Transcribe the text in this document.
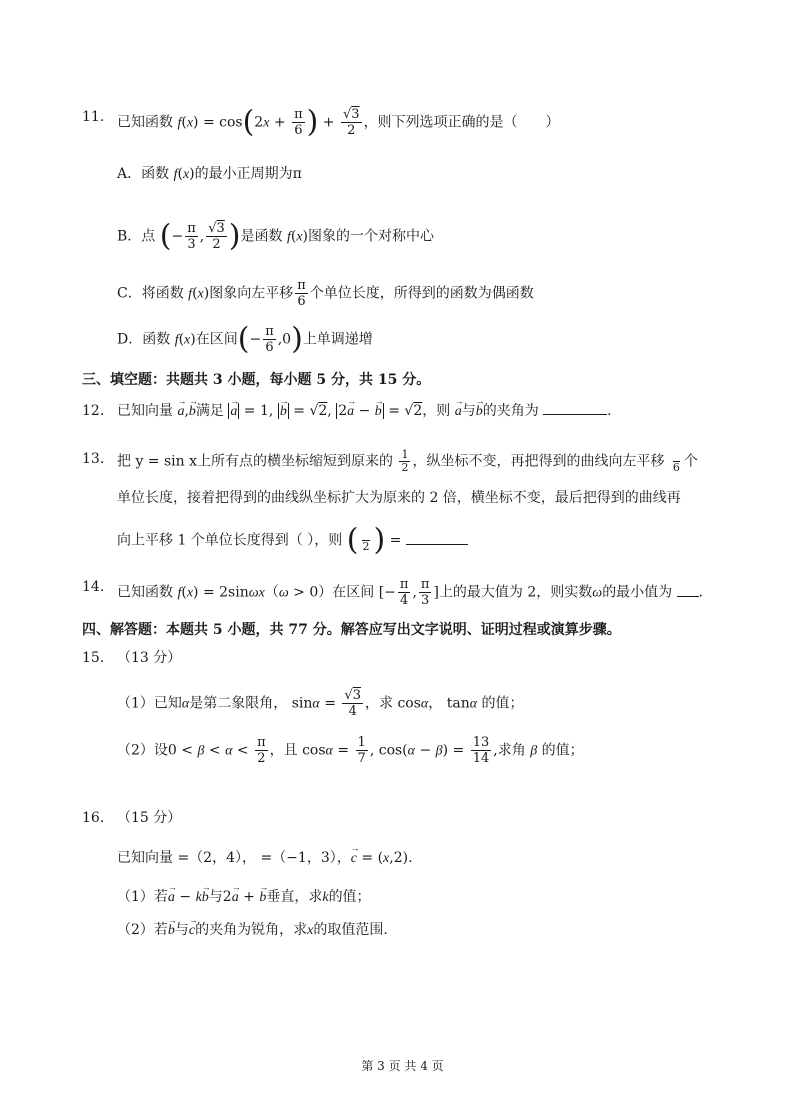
11. 已知函数 $f(x) = \cos(2x + \frac{\pi}{6}$ ) + $\frac{√3}{2}$ ，则下列选项正确的是（　　）
A．函数 f(x)的最小正周期为π
B．点 (− $\frac{\pi}{3}$ , $\frac{√3}{2}$ )是函数 f(x)图象的一个对称中心
C．将函数 f(x)图象向左平移 $\frac{\pi}{6}$ 个单位长度，所得到的函数为偶函数
D．函数 f(x)在区间(− $\frac{\pi}{6} ,0$)上单调递增
三、填空题：共题共 3 小题，每小题 5 分，共 15 分。
12. 已知向量 → a,→ b满足 → a = 1, → b = √2, 2→ a − → b = √2，则 → a与→ b的夹角为	.
13. 把 y = sin x上所有点的横坐标缩短到原来的 $\frac{1}{2}$ ，纵坐标不变，再把得到的曲线向左平移
6 个
单位长度，接着把得到的曲线纵坐标扩大为原来的 2 倍，横坐标不变，最后把得到的曲线再
向上平移 1 个单位长度得到（ ），则 (
2 ) =
14. 已知函数 f(x) = 2sinωx（ω > 0）在区间 [− $\frac{\pi}{4}$ , $\frac{\pi}{3}$ ]上的最大值为 2，则实数ω的最小值为 .
四、解答题：本题共 5 小题，共 77 分。解答应写出文字说明、证明过程或演算步骤。
15. （13 分）
（1）已知α是第二象限角， $\sin\alpha = \frac{√3}{4}$ ，求 cosα， tanα 的值；
（2）设$0 < \beta < \alpha < \frac{\pi}{2}$ ，且 $\cos\alpha = \frac{1}{7}$ , $\cos(\alpha - \beta) = \frac{13}{14}$ ,求角 β 的值；
16. （15 分）
已知向量 =（2，4）， =（−1，3），→ c = (x,2).
（1）若→ a − k→ b与2→ a + → b垂直，求k的值；
（2）若→ b与→ c的夹角为锐角，求x的取值范围.
第 3 页 共 4 页
